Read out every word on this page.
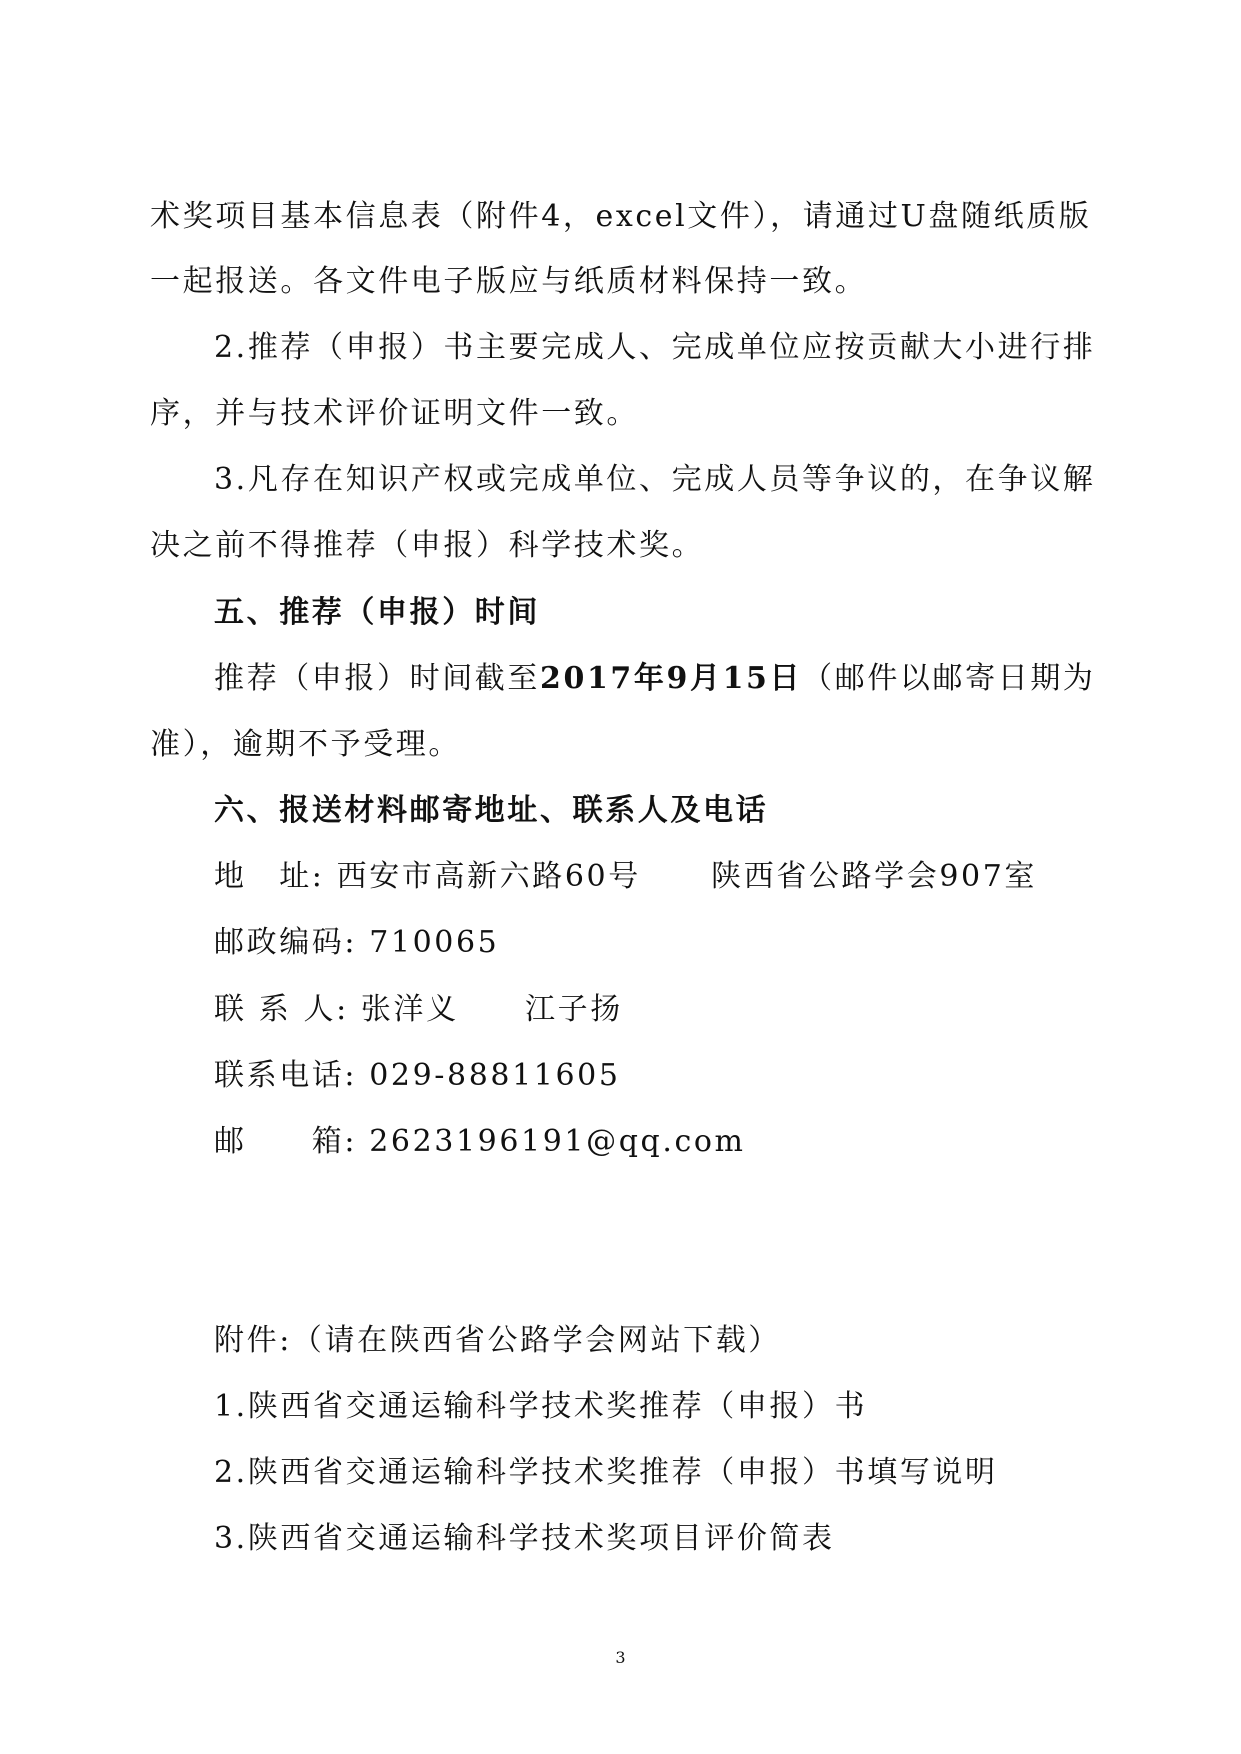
术奖项目基本信息表（附件4，excel文件），请通过U盘随纸质版
一起报送。各文件电子版应与纸质材料保持一致。
2.推荐（申报）书主要完成人、完成单位应按贡献大小进行排
序，并与技术评价证明文件一致。
3.凡存在知识产权或完成单位、完成人员等争议的，在争议解
决之前不得推荐（申报）科学技术奖。
五、推荐（申报）时间
推荐（申报）时间截至2017年9月15日（邮件以邮寄日期为
准），逾期不予受理。
六、报送材料邮寄地址、联系人及电话
地　址: 西安市高新六路60号 陕西省公路学会907室
邮政编码: 710065
联 系 人: 张洋义 江子扬
联系电话: 029-88811605
邮　　箱: 2623196191@qq.com
附件:（请在陕西省公路学会网站下载）
1.陕西省交通运输科学技术奖推荐（申报）书
2.陕西省交通运输科学技术奖推荐（申报）书填写说明
3.陕西省交通运输科学技术奖项目评价简表
3
